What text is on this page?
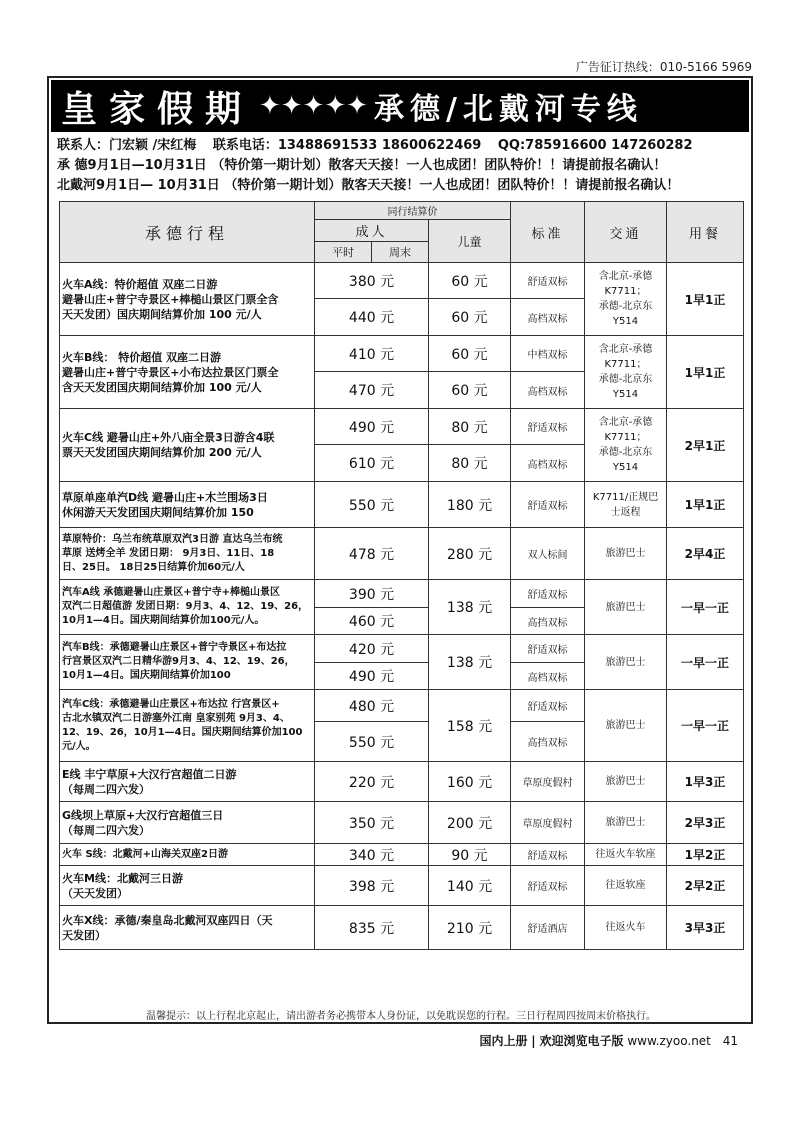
广告征订热线：010-5166 5969
皇家假期 ✦✦✦✦✦ 承德/北戴河专线
联系人：门宏颖 /宋红梅 联系电话：13488691533 18600622469 QQ:785916600 147260282
承 德9月1日—10月31日 （特价第一期计划）散客天天接！一人也成团！团队特价！！请提前报名确认！
北戴河9月1日— 10月31日 （特价第一期计划）散客天天接！一人也成团！团队特价！！请提前报名确认！
承德行程	同行结算价			标准	交通	用餐
	成人		儿童			
	平时	周末				
火车A线：特价超值 双座二日游
避暑山庄+普宁寺景区+棒槌山景区门票全含
天天发团）国庆期间结算价加 100 元/人	380 元		60 元	舒适双标	含北京-承德
K7711；
承德-北京东
Y514	1早1正
	440 元		60 元	高档双标		
火车B线： 特价超值 双座二日游
避暑山庄+普宁寺景区+小布达拉景区门票全
含天天发团国庆期间结算价加 100 元/人	410 元		60 元	中档双标	含北京-承德
K7711；
承德-北京东
Y514	1早1正
	470 元		60 元	高档双标		
火车C线 避暑山庄+外八庙全景3日游含4联
票天天发团国庆期间结算价加 200 元/人	490 元		80 元	舒适双标	含北京-承德
K7711；
承德-北京东
Y514	2早1正
	610 元		80 元	高档双标		
草原单座单汽D线 避暑山庄+木兰围场3日
休闲游天天发团国庆期间结算价加 150	550 元		180 元	舒适双标	K7711/正规巴
士返程	1早1正
草原特价：乌兰布统草原双汽3日游 直达乌兰布统
草原 送烤全羊 发团日期： 9月3日、11日、18
日、25日。 18日25日结算价加60元/人	478 元		280 元	双人标间	旅游巴士	2早4正
汽车A线 承德避暑山庄景区+普宁寺+棒槌山景区
双汽二日超值游 发团日期：9月3、4、12、19、26，
10月1—4日。国庆期间结算价加100元/人。	390 元		138 元	舒适双标	旅游巴士	一早一正
	460 元			高挡双标		
汽车B线：承德避暑山庄景区+普宁寺景区+布达拉
行宫景区双汽二日精华游9月3、4、12、19、26，
10月1—4日。国庆期间结算价加100	420 元		138 元	舒适双标	旅游巴士	一早一正
	490 元			高档双标		
汽车C线：承德避暑山庄景区+布达拉 行宫景区+
古北水镇双汽二日游塞外江南 皇家别苑 9月3、4、
12、19、26，10月1—4日。国庆期间结算价加100
元/人。	480 元		158 元	舒适双标	旅游巴士	一早一正
	550 元			高挡双标		
E线 丰宁草原+大汉行宫超值二日游
（每周二四六发）	220 元		160 元	草原度假村	旅游巴士	1早3正
G线坝上草原+大汉行宫超值三日
（每周二四六发）	350 元		200 元	草原度假村	旅游巴士	2早3正
火车 S线：北戴河+山海关双座2日游	340 元		90 元	舒适双标	往返火车软座	1早2正
火车M线：北戴河三日游
（天天发团）	398 元		140 元	舒适双标	往返软座	2早2正
火车X线：承德/秦皇岛北戴河双座四日（天
天发团）	835 元		210 元	舒适酒店	往返火车	3早3正
温馨提示：以上行程北京起止，请出游者务必携带本人身份证，以免耽误您的行程。三日行程周四按周末价格执行。
国内上册 | 欢迎浏览电子版 www.zyoo.net 41
